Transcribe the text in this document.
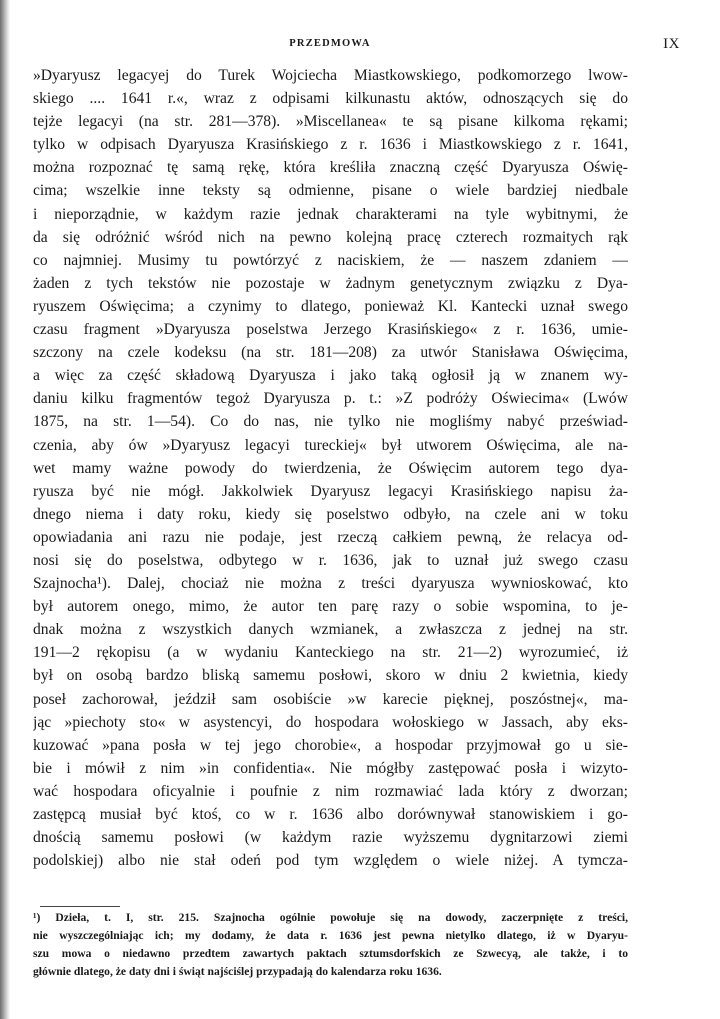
PRZEDMOWA	IX
»Dyaryusz legacyej do Turek Wojciecha Miastkowskiego, podkomorzego lwow-
skiego .... 1641 r.«, wraz z odpisami kilkunastu aktów, odnoszących się do
tejże legacyi (na str. 281—378). »Miscellanea« te są pisane kilkoma rękami;
tylko w odpisach Dyaryusza Krasińskiego z r. 1636 i Miastkowskiego z r. 1641,
można rozpoznać tę samą rękę, która kreśliła znaczną część Dyaryusza Oświę-
cima; wszelkie inne teksty są odmienne, pisane o wiele bardziej niedbale
i nieporządnie, w każdym razie jednak charakterami na tyle wybitnymi, że
da się odróżnić wśród nich na pewno kolejną pracę czterech rozmaitych rąk
co najmniej. Musimy tu powtórzyć z naciskiem, że — naszem zdaniem —
żaden z tych tekstów nie pozostaje w żadnym genetycznym związku z Dya-
ryuszem Oświęcima; a czynimy to dlatego, ponieważ Kl. Kantecki uznał swego
czasu fragment »Dyaryusza poselstwa Jerzego Krasińskiego« z r. 1636, umie-
szczony na czele kodeksu (na str. 181—208) za utwór Stanisława Oświęcima,
a więc za część składową Dyaryusza i jako taką ogłosił ją w znanem wy-
daniu kilku fragmentów tegoż Dyaryusza p. t.: »Z podróży Oświecima« (Lwów
1875, na str. 1—54). Co do nas, nie tylko nie mogliśmy nabyć przeświad-
czenia, aby ów »Dyaryusz legacyi tureckiej« był utworem Oświęcima, ale na-
wet mamy ważne powody do twierdzenia, że Oświęcim autorem tego dya-
ryusza być nie mógł. Jakkolwiek Dyaryusz legacyi Krasińskiego napisu ża-
dnego niema i daty roku, kiedy się poselstwo odbyło, na czele ani w toku
opowiadania ani razu nie podaje, jest rzeczą całkiem pewną, że relacya od-
nosi się do poselstwa, odbytego w r. 1636, jak to uznał już swego czasu
Szajnocha¹). Dalej, chociaż nie można z treści dyaryusza wywnioskować, kto
był autorem onego, mimo, że autor ten parę razy o sobie wspomina, to je-
dnak można z wszystkich danych wzmianek, a zwłaszcza z jednej na str.
191—2 rękopisu (a w wydaniu Kanteckiego na str. 21—2) wyrozumieć, iż
był on osobą bardzo bliską samemu posłowi, skoro w dniu 2 kwietnia, kiedy
poseł zachorował, jeździł sam osobiście »w karecie pięknej, poszóstnej«, ma-
jąc »piechoty sto« w asystencyi, do hospodara wołoskiego w Jassach, aby eks-
kuzować »pana posła w tej jego chorobie«, a hospodar przyjmował go u sie-
bie i mówił z nim »in confidentia«. Nie mógłby zastępować posła i wizyto-
wać hospodara oficyalnie i poufnie z nim rozmawiać lada który z dworzan;
zastępcą musiał być ktoś, co w r. 1636 albo dorównywał stanowiskiem i go-
dnością samemu posłowi (w każdym razie wyższemu dygnitarzowi ziemi
podolskiej) albo nie stał odeń pod tym względem o wiele niżej. A tymcza-
¹) Dzieła, t. I, str. 215. Szajnocha ogólnie powołuje się na dowody, zaczerpnięte z treści,
nie wyszczególniając ich; my dodamy, że data r. 1636 jest pewna nietylko dlatego, iż w Dyaryu-
szu mowa o niedawno przedtem zawartych paktach sztumsdorfskich ze Szwecyą, ale także, i to
głównie dlatego, że daty dni i świąt najściślej przypadają do kalendarza roku 1636.
